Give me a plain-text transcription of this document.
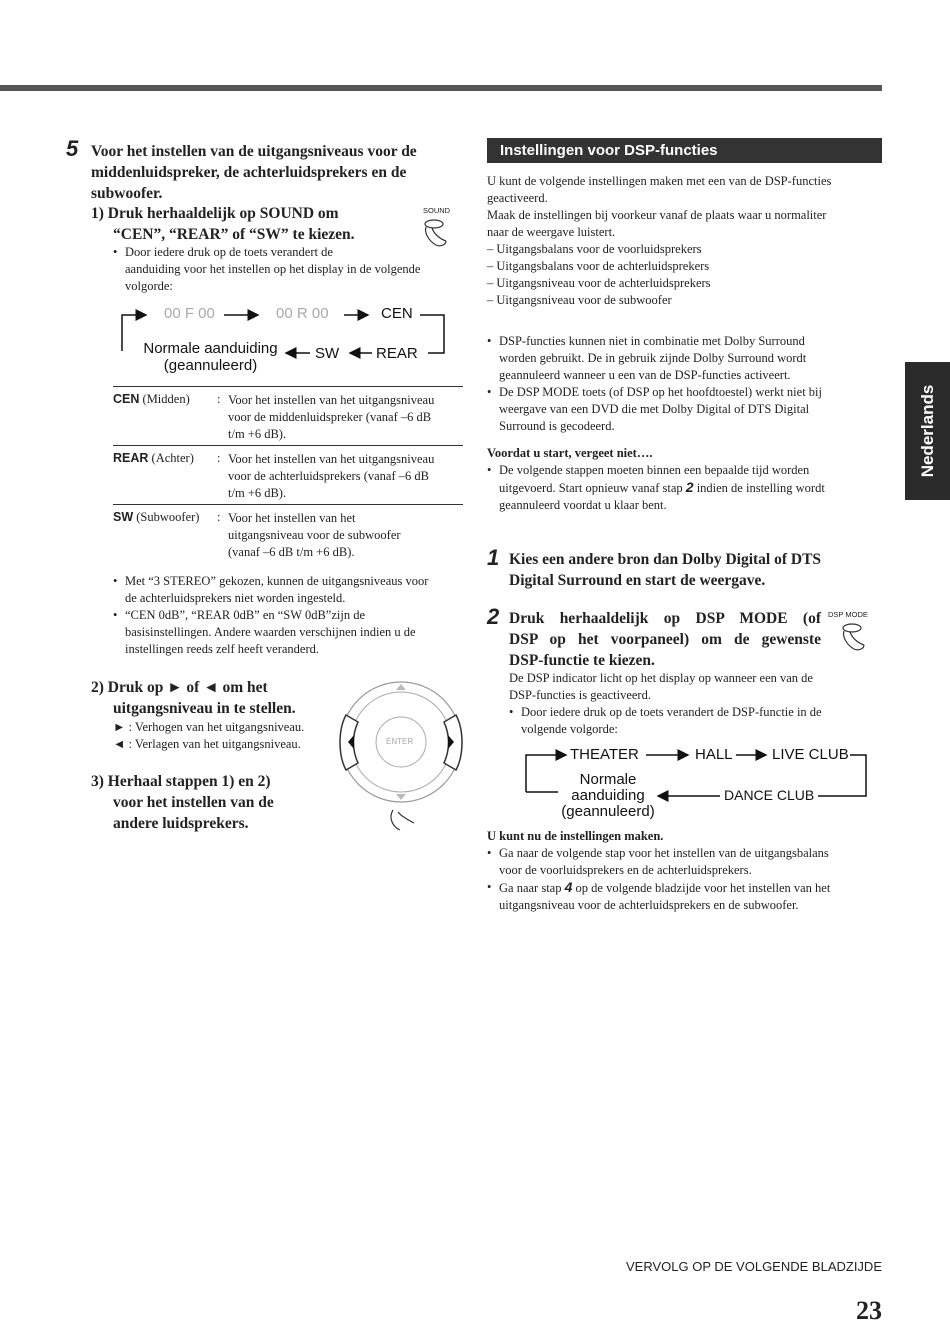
Nederlands
5 Voor het instellen van de uitgangsniveaus voor de
middenluidspreker, de achterluidsprekers en de
subwoofer.
1) Druk herhaaldelijk op SOUND om
“CEN”, “REAR” of “SW” te kiezen.
SOUND
• Door iedere druk op de toets verandert de
aanduiding voor het instellen op het display in de volgende
volgorde:
00 F 00	00 R 00	CEN
Normale aanduiding
(geannuleerd)
SW REAR
CEN (Midden) : Voor het instellen van het uitgangsniveau
voor de middenluidspreker (vanaf –6 dB
t/m +6 dB).
REAR (Achter) : Voor het instellen van het uitgangsniveau
voor de achterluidsprekers (vanaf –6 dB
t/m +6 dB).
SW (Subwoofer) : Voor het instellen van het
uitgangsniveau voor de subwoofer
(vanaf –6 dB t/m +6 dB).
• Met “3 STEREO” gekozen, kunnen de uitgangsniveaus voor
de achterluidsprekers niet worden ingesteld.
• “CEN 0dB”, “REAR 0dB” en “SW 0dB”zijn de
basisinstellingen. Andere waarden verschijnen indien u de
instellingen reeds zelf heeft veranderd.
2) Druk op ► of ◄ om het
uitgangsniveau in te stellen.
► : Verhogen van het uitgangsniveau.
◄ : Verlagen van het uitgangsniveau.
3) Herhaal stappen 1) en 2)
voor het instellen van de
andere luidsprekers.
ENTER
Instellingen voor DSP-functies
U kunt de volgende instellingen maken met een van de DSP-functies
geactiveerd.
Maak de instellingen bij voorkeur vanaf de plaats waar u normaliter
naar de weergave luistert.
– Uitgangsbalans voor de voorluidsprekers
– Uitgangsbalans voor de achterluidsprekers
– Uitgangsniveau voor de achterluidsprekers
– Uitgangsniveau voor de subwoofer
• DSP-functies kunnen niet in combinatie met Dolby Surround
worden gebruikt. De in gebruik zijnde Dolby Surround wordt
geannuleerd wanneer u een van de DSP-functies activeert.
• De DSP MODE toets (of DSP op het hoofdtoestel) werkt niet bij
weergave van een DVD die met Dolby Digital of DTS Digital
Surround is gecodeerd.
Voordat u start, vergeet niet….
• De volgende stappen moeten binnen een bepaalde tijd worden
uitgevoerd. Start opnieuw vanaf stap 2 indien de instelling wordt
geannuleerd voordat u klaar bent.
1 Kies een andere bron dan Dolby Digital of DTS
Digital Surround en start de weergave.
2 Druk herhaaldelijk op DSP MODE (of
DSP op het voorpaneel) om de gewenste
DSP-functie te kiezen.
DSP MODE
De DSP indicator licht op het display op wanneer een van de
DSP-functies is geactiveerd.
• Door iedere druk op de toets verandert de DSP-functie in de
volgende volgorde:
THEATER	HALL	LIVE CLUB
Normale
aanduiding
(geannuleerd)
DANCE CLUB
U kunt nu de instellingen maken.
• Ga naar de volgende stap voor het instellen van de uitgangsbalans
voor de voorluidsprekers en de achterluidsprekers.
• Ga naar stap 4 op de volgende bladzijde voor het instellen van het
uitgangsniveau voor de achterluidsprekers en de subwoofer.
VERVOLG OP DE VOLGENDE BLADZIJDE
23
